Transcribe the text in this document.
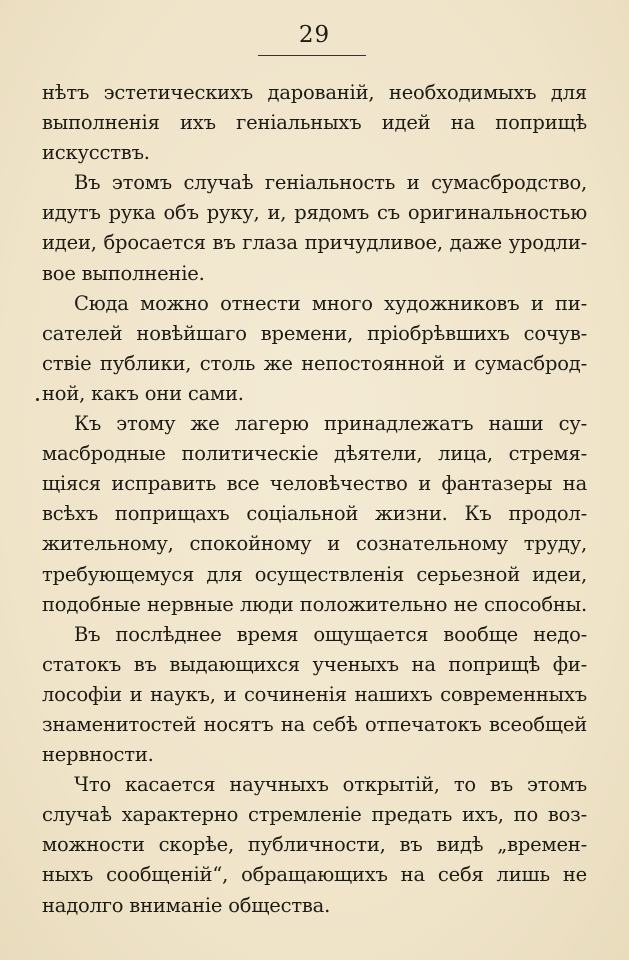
29
нѣтъ эстетическихъ дарованій, необходимыхъ для
выполненія ихъ геніальныхъ идей на поприщѣ
искусствъ.
Въ этомъ случаѣ геніальность и сумасбродство,
идутъ рука объ руку, и, рядомъ съ оригинальностью
идеи, бросается въ глаза причудливое, даже уродли-
вое выполненіе.
Сюда можно отнести много художниковъ и пи-
сателей новѣйшаго времени, пріобрѣвшихъ сочув-
ствіе публики, столь же непостоянной и сумасброд-
ной, какъ они сами.
Къ этому же лагерю принадлежатъ наши су-
масбродные политическіе дѣятели, лица, стремя-
щіяся исправить все человѣчество и фантазеры на
всѣхъ поприщахъ соціальной жизни. Къ продол-
жительному, спокойному и сознательному труду,
требующемуся для осуществленія серьезной идеи,
подобные нервные люди положительно не способны.
Въ послѣднее время ощущается вообще недо-
статокъ въ выдающихся ученыхъ на поприщѣ фи-
лософіи и наукъ, и сочиненія нашихъ современныхъ
знаменитостей носятъ на себѣ отпечатокъ всеобщей
нервности.
Что касается научныхъ открытій, то въ этомъ
случаѣ характерно стремленіе предать ихъ, по воз-
можности скорѣе, публичности, въ видѣ „времен-
ныхъ сообщеній“, обращающихъ на себя лишь не
надолго вниманіе общества.
